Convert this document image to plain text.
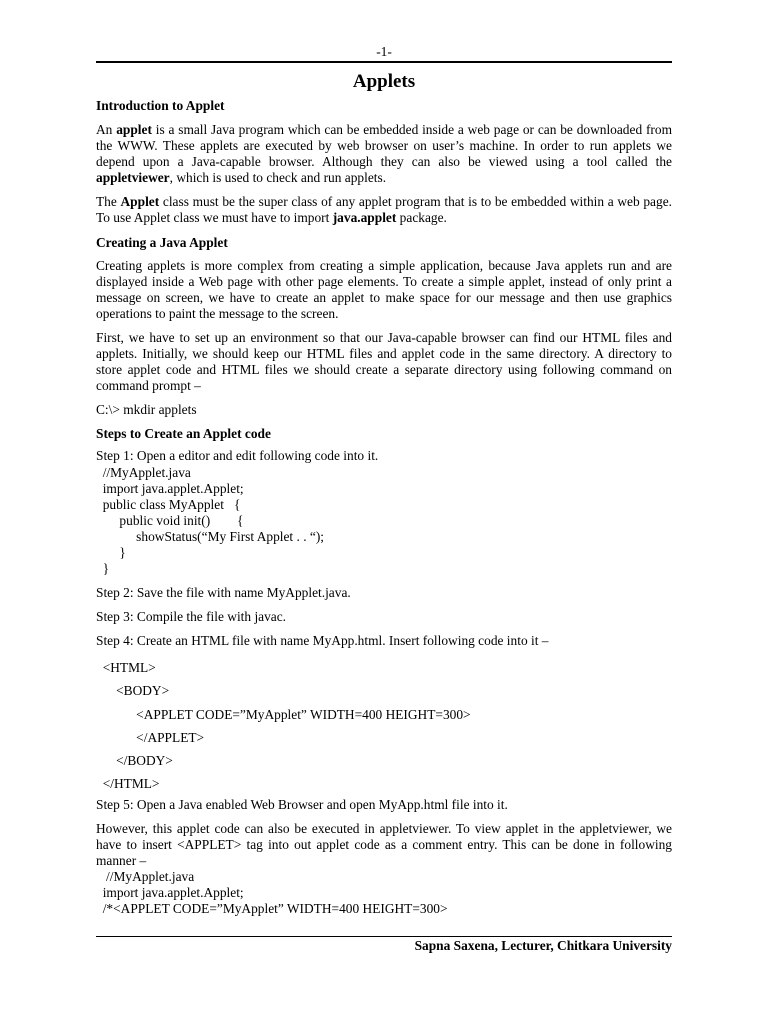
-1-
Applets
Introduction to Applet

An applet is a small Java program which can be embedded inside a web page or can be downloaded from the WWW. These applets are executed by web browser on user’s machine. In order to run applets we depend upon a Java-capable browser. Although they can also be viewed using a tool called the appletviewer, which is used to check and run applets.

The Applet class must be the super class of any applet program that is to be embedded within a web page. To use Applet class we must have to import java.applet package.

Creating a Java Applet

Creating applets is more complex from creating a simple application, because Java applets run and are displayed inside a Web page with other page elements. To create a simple applet, instead of only print a message on screen, we have to create an applet to make space for our message and then use graphics operations to paint the message to the screen.

First, we have to set up an environment so that our Java-capable browser can find our HTML files and applets. Initially, we should keep our HTML files and applet code in the same directory. A directory to store applet code and HTML files we should create a separate directory using following command on command prompt –

C:\> mkdir applets
Steps to Create an Applet code
Step 1: Open a editor and edit following code into it.
//MyApplet.java
import java.applet.Applet;
public class MyApplet   {
public void init()        {
showStatus(“My First Applet . . “);
}
}
Step 2: Save the file with name MyApplet.java.
Step 3: Compile the file with javac.
Step 4: Create an HTML file with name MyApp.html. Insert following code into it –
<HTML>
<BODY>
<APPLET CODE=”MyApplet” WIDTH=400 HEIGHT=300>
</APPLET>
</BODY>
</HTML>
Step 5: Open a Java enabled Web Browser and open MyApp.html file into it.

However, this applet code can also be executed in appletviewer. To view applet in the appletviewer, we have to insert <APPLET> tag into out applet code as a comment entry. This can be done in following manner –

//MyApplet.java
import java.applet.Applet;
/*<APPLET CODE=”MyApplet” WIDTH=400 HEIGHT=300>
Sapna Saxena, Lecturer, Chitkara University
